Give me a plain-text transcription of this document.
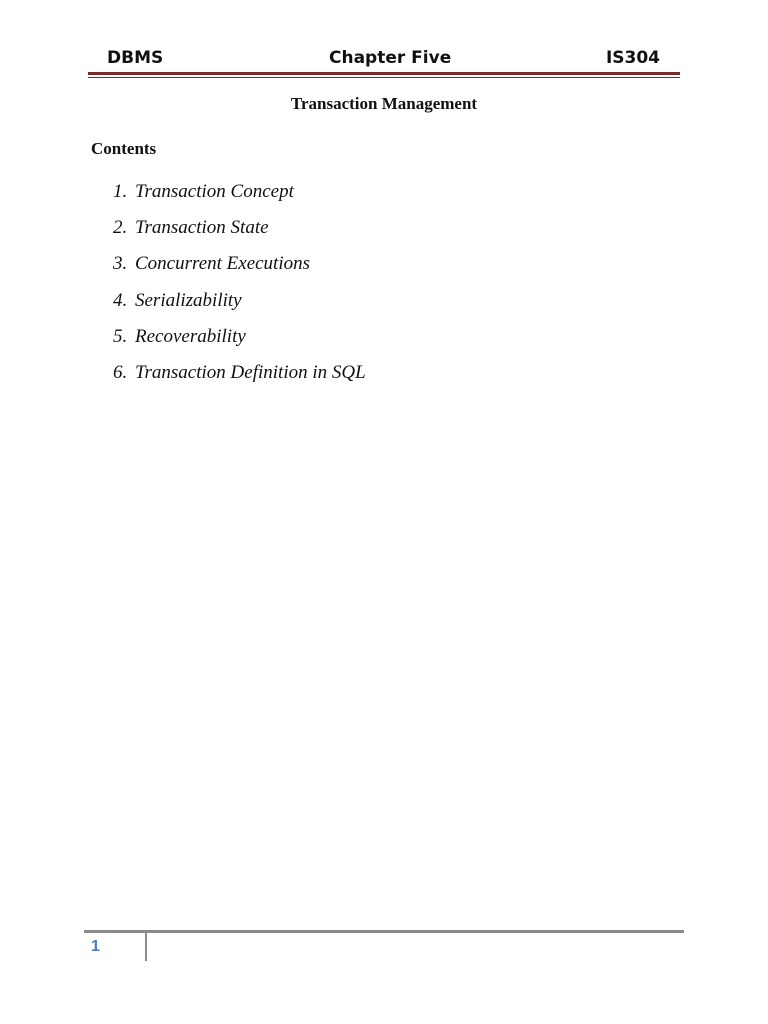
DBMS	Chapter Five	IS304
Transaction Management
Contents
1. Transaction Concept
2. Transaction State
3. Concurrent Executions
4. Serializability
5. Recoverability
6. Transaction Definition in SQL
1
